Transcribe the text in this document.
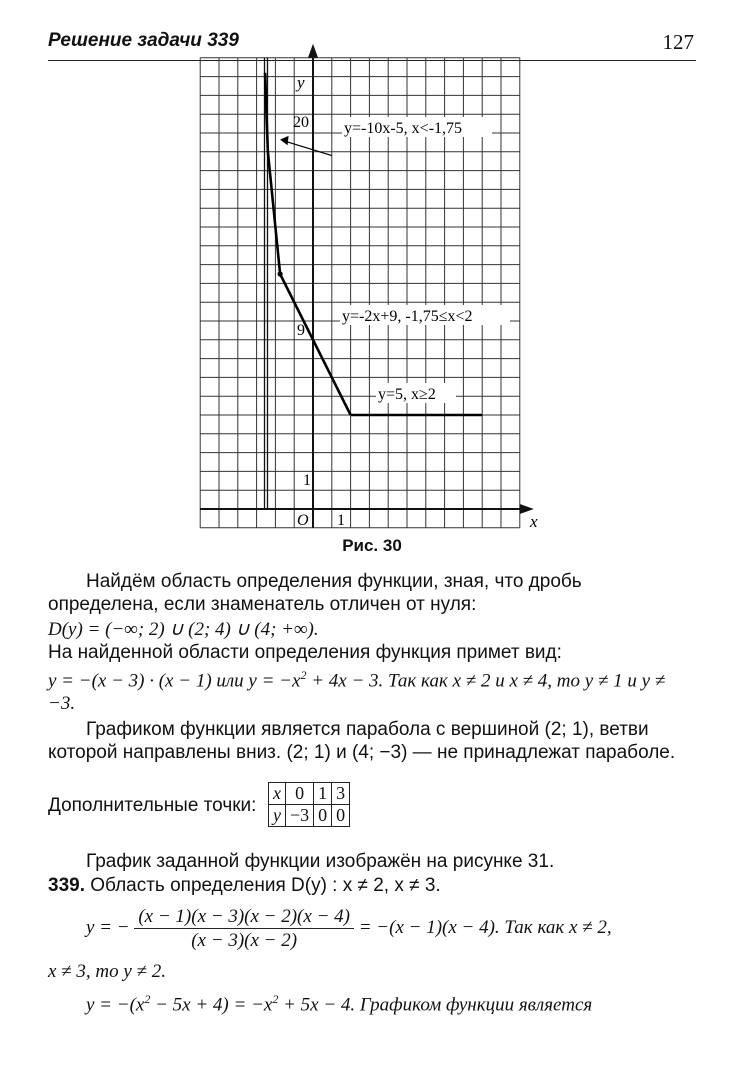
Решение задачи 339	127
y
x
O
20
9
1
1
y=-10x-5, x<-1,75
y=-2x+9, -1,75≤x<2
y=5, x≥2
Рис. 30
Найдём область определения функции, зная, что дробь определена, если знаменатель отличен от нуля:
D(y) = (−∞; 2) ∪ (2; 4) ∪ (4; +∞).
На найденной области определения функция примет вид:
y = −(x − 3) · (x − 1) или $y = -x^2 + 4x - 3$. Так как x ≠ 2 и x ≠ 4, то y ≠ 1 и y ≠ −3.
Графиком функции является парабола с вершиной (2; 1), ветви которой направлены вниз. (2; 1) и (4; −3) — не принадлежат параболе.
Дополнительные точки:
x	0	1	3
y	−3	0	0
График заданной функции изображён на рисунке 31.
339. Область определения D(y) : x ≠ 2, x ≠ 3.
y = − $\frac{(x - 1)(x - 3)(x - 2)(x - 4)}{(x - 3)(x - 2)} = -(x - 1)(x - 4)$. Так как x ≠ 2,
x ≠ 3, то y ≠ 2.
$y = -(x^2 - 5x + 4) = -x^2 + 5x - 4$. Графиком функции является
